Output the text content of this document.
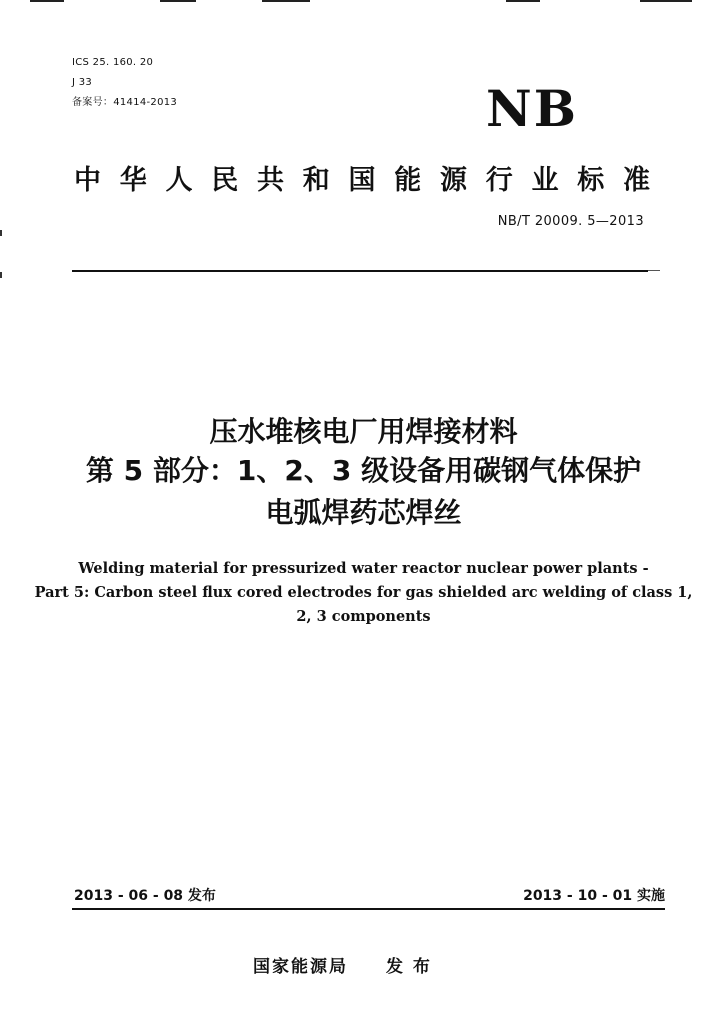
ICS 25. 160. 20
J 33
备案号：41414-2013	NB
中 华 人 民 共 和 国 能 源 行 业 标 准
NB/T 20009. 5—2013
压水堆核电厂用焊接材料
第 5 部分：1、2、3 级设备用碳钢气体保护
电弧焊药芯焊丝
Welding material for pressurized water reactor nuclear power plants -
Part 5: Carbon steel flux cored electrodes for gas shielded arc welding of class 1,
2, 3 components
2013 - 06 - 08 发布	2013 - 10 - 01 实施
国家能源局 发 布
